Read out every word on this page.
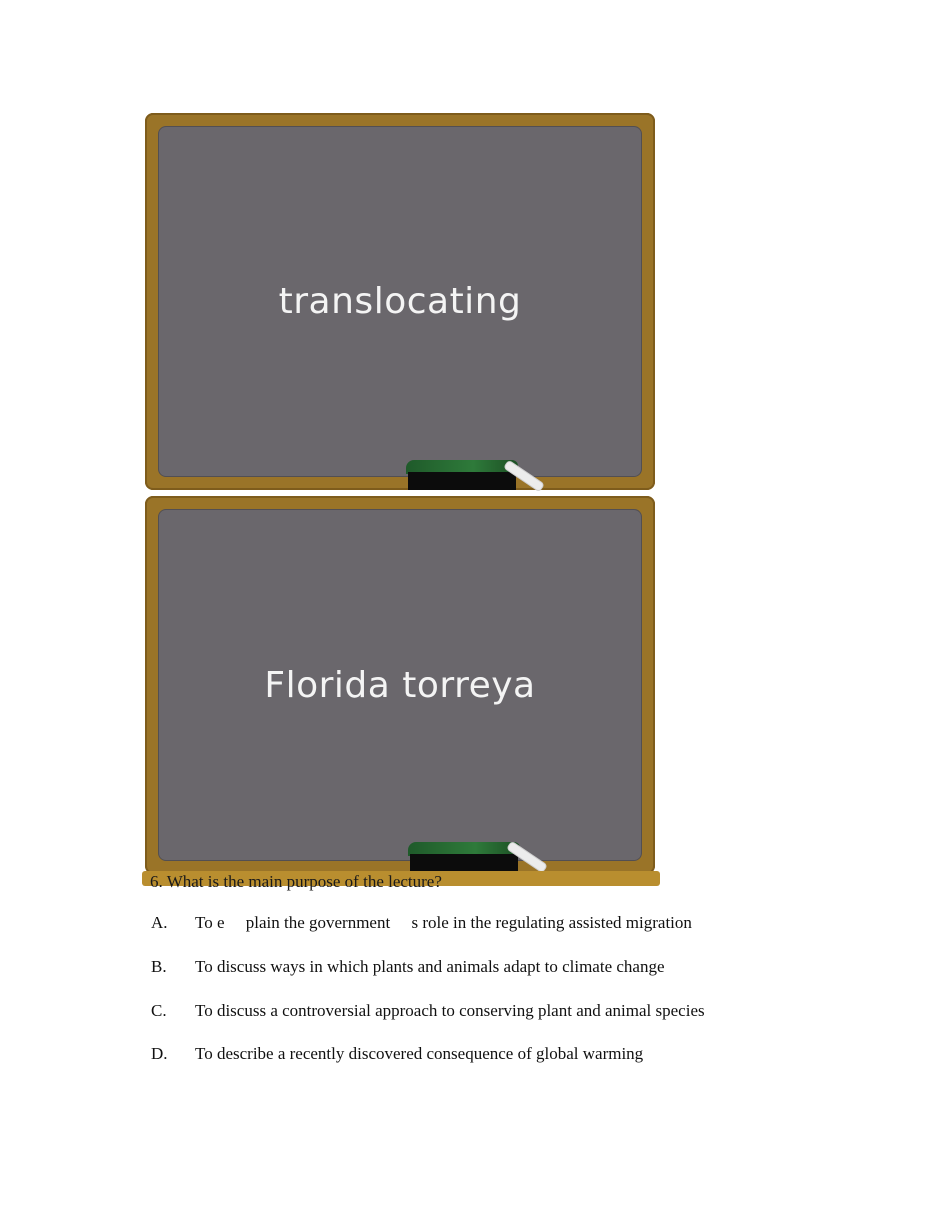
translocating
Florida torreya
6. What is the main purpose of the lecture?

A.

To e     plain the government     s role in the regulating assisted migration

B.

To discuss ways in which plants and animals adapt to climate change

C.

To discuss a controversial approach to conserving plant and animal species

D.

To describe a recently discovered consequence of global warming
